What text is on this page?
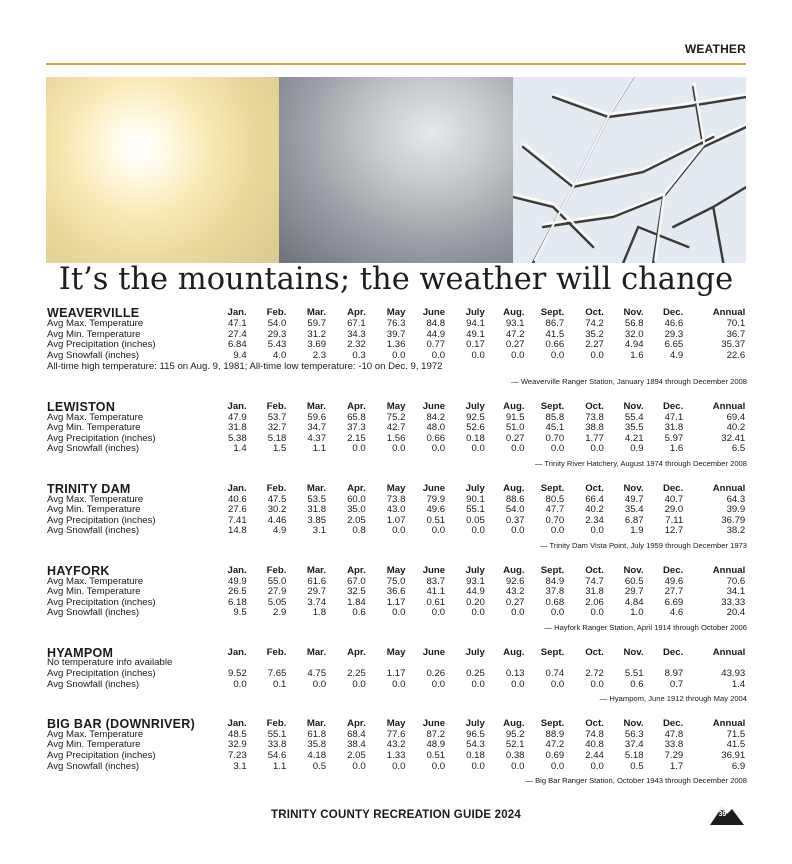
WEATHER
It’s the mountains; the weather will change
WEAVERVILLE	Jan.	Feb.	Mar.	Apr.	May	June	July	Aug.	Sept.	Oct.	Nov.	Dec.	Annual
Avg Max. Temperature	47.1	54.0	59.7	67.1	76.3	84.8	94.1	93.1	86.7	74.2	56.8	46.6	70.1
Avg Min. Temperature	27.4	29.3	31.2	34.3	39.7	44.9	49.1	47.2	41.5	35.2	32.0	29.3	36.7
Avg Precipitation (inches)	6.84	5.43	3.69	2.32	1.36	0.77	0.17	0.27	0.66	2.27	4.94	6.65	35.37
Avg Snowfall (inches)	9.4	4.0	2.3	0.3	0.0	0.0	0.0	0.0	0.0	0.0	1.6	4.9	22.6
All-time high temperature: 115 on Aug. 9, 1981; All-time low temperature: -10 on Dec. 9, 1972
— Weaverville Ranger Station, January 1894 through December 2008
LEWISTON	Jan.	Feb.	Mar.	Apr.	May	June	July	Aug.	Sept.	Oct.	Nov.	Dec.	Annual
Avg Max. Temperature	47.9	53.7	59.6	65.8	75.2	84.2	92.5	91.5	85.8	73.8	55.4	47.1	69.4
Avg Min. Temperature	31.8	32.7	34.7	37.3	42.7	48.0	52.6	51.0	45.1	38.8	35.5	31.8	40.2
Avg Precipitation (inches)	5.38	5.18	4.37	2.15	1.56	0.66	0.18	0.27	0.70	1.77	4.21	5.97	32.41
Avg Snowfall (inches)	1.4	1.5	1.1	0.0	0.0	0.0	0.0	0.0	0.0	0.0	0.9	1.6	6.5
— Trinity River Hatchery, August 1974 through December 2008
TRINITY DAM	Jan.	Feb.	Mar.	Apr.	May	June	July	Aug.	Sept.	Oct.	Nov.	Dec.	Annual
Avg Max. Temperature	40.6	47.5	53.5	60.0	73.8	79.9	90.1	88.6	80.5	66.4	49.7	40.7	64.3
Avg Min. Temperature	27.6	30.2	31.8	35.0	43.0	49.6	55.1	54.0	47.7	40.2	35.4	29.0	39.9
Avg Precipitation (inches)	7.41	4.46	3.85	2.05	1.07	0.51	0.05	0.37	0.70	2.34	6.87	7.11	36.79
Avg Snowfall (inches)	14.8	4.9	3.1	0.8	0.0	0.0	0.0	0.0	0.0	0.0	1.9	12.7	38.2
— Trinity Dam Vista Point, July 1959 through December 1973
HAYFORK	Jan.	Feb.	Mar.	Apr.	May	June	July	Aug.	Sept.	Oct.	Nov.	Dec.	Annual
Avg Max. Temperature	49.9	55.0	61.6	67.0	75.0	83.7	93.1	92.6	84.9	74.7	60.5	49.6	70.6
Avg Min. Temperature	26.5	27.9	29.7	32.5	36.6	41.1	44.9	43.2	37.8	31.8	29.7	27.7	34.1
Avg Precipitation (inches)	6.18	5.05	3.74	1.84	1.17	0.61	0.20	0.27	0.68	2.06	4.84	6.69	33.33
Avg Snowfall (inches)	9.5	2.9	1.8	0.6	0.0	0.0	0.0	0.0	0.0	0.0	1.0	4.6	20.4
— Hayfork Ranger Station, April 1914 through October 2006
HYAMPOM	Jan.	Feb.	Mar.	Apr.	May	June	July	Aug.	Sept.	Oct.	Nov.	Dec.	Annual
No temperature info available
Avg Precipitation (inches)	9.52	7.65	4.75	2.25	1.17	0.26	0.25	0.13	0.74	2.72	5.51	8.97	43.93
Avg Snowfall (inches)	0.0	0.1	0.0	0.0	0.0	0.0	0.0	0.0	0.0	0.0	0.6	0.7	1.4
— Hyampom, June 1912 through May 2004
BIG BAR (DOWNRIVER)	Jan.	Feb.	Mar.	Apr.	May	June	July	Aug.	Sept.	Oct.	Nov.	Dec.	Annual
Avg Max. Temperature	48.5	55.1	61.8	68.4	77.6	87.2	96.5	95.2	88.9	74.8	56.3	47.8	71.5
Avg Min. Temperature	32.9	33.8	35.8	38.4	43.2	48.9	54.3	52.1	47.2	40.8	37.4	33.8	41.5
Avg Precipitation (inches)	7.23	54.6	4.18	2.05	1.33	0.51	0.18	0.38	0.69	2.44	5.18	7.29	36.91
Avg Snowfall (inches)	3.1	1.1	0.5	0.0	0.0	0.0	0.0	0.0	0.0	0.0	0.5	1.7	6.9
— Big Bar Ranger Station, October 1943 through December 2008
TRINITY COUNTY RECREATION GUIDE 2024	39
